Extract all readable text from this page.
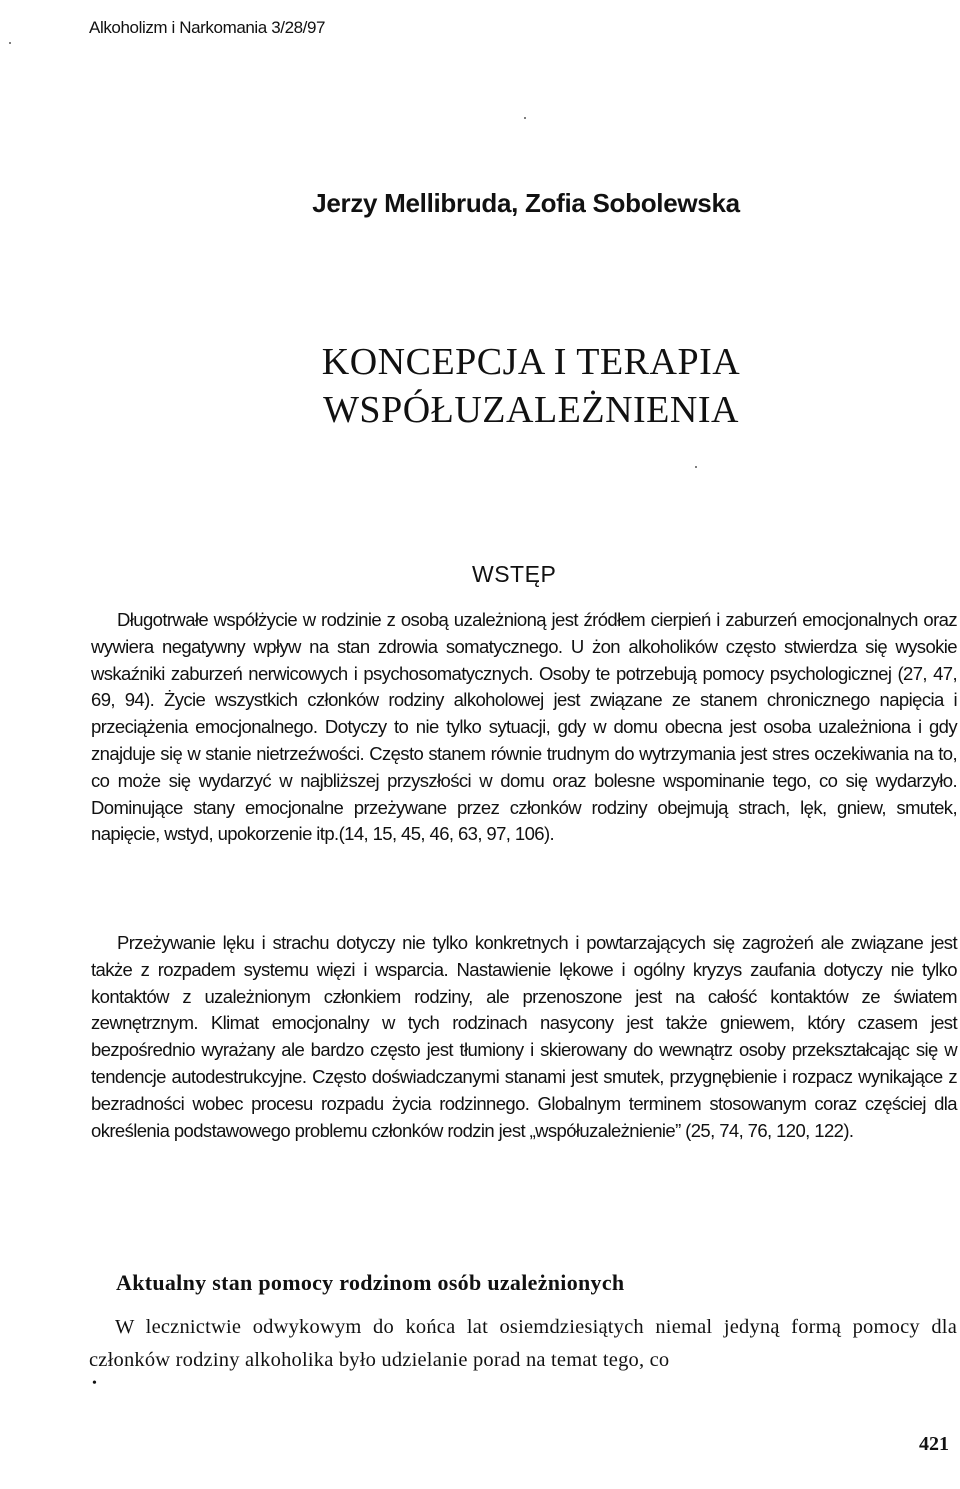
Alkoholizm i Narkomania 3/28/97
Jerzy Mellibruda, Zofia Sobolewska
KONCEPCJA I TERAPIA
WSPÓŁUZALEŻNIENIA
WSTĘP

Długotrwałe współżycie w rodzinie z osobą uzależnioną jest źródłem cierpień i zaburzeń emocjonalnych oraz wywiera negatywny wpływ na stan zdrowia somatycznego. U żon alkoholików często stwierdza się wysokie wskaźniki zaburzeń nerwicowych i psychosomatycznych. Osoby te potrzebują pomocy psychologicznej (27, 47, 69, 94). Życie wszystkich członków rodziny alkoholowej jest związane ze stanem chronicznego napięcia i przeciążenia emocjonalnego. Dotyczy to nie tylko sytuacji, gdy w domu obecna jest osoba uzależniona i gdy znajduje się w stanie nietrzeźwości. Często stanem równie trudnym do wytrzymania jest stres oczekiwania na to, co może się wydarzyć w najbliższej przyszłości w domu oraz bolesne wspominanie tego, co się wydarzyło. Dominujące stany emocjonalne przeżywane przez członków rodziny obejmują strach, lęk, gniew, smutek, napięcie, wstyd, upokorzenie itp.(14, 15, 45, 46, 63, 97, 106).

Przeżywanie lęku i strachu dotyczy nie tylko konkretnych i powtarzających się zagrożeń ale związane jest także z rozpadem systemu więzi i wsparcia. Nastawienie lękowe i ogólny kryzys zaufania dotyczy nie tylko kontaktów z uzależnionym członkiem rodziny, ale przenoszone jest na całość kontaktów ze światem zewnętrznym. Klimat emocjonalny w tych rodzinach nasycony jest także gniewem, który czasem jest bezpośrednio wyrażany ale bardzo często jest tłumiony i skierowany do wewnątrz osoby przekształcając się w tendencje autodestrukcyjne. Często doświadczanymi stanami jest smutek, przygnębienie i rozpacz wynikające z bezradności wobec procesu rozpadu życia rodzinnego. Globalnym terminem stosowanym coraz częściej dla określenia podstawowego problemu członków rodzin jest „współuzależnienie” (25, 74, 76, 120, 122).

Aktualny stan pomocy rodzinom osób uzależnionych

W lecznictwie odwykowym do końca lat osiemdziesiątych niemal jedyną formą pomocy dla członków rodziny alkoholika było udzielanie porad na temat tego, co

•
421
